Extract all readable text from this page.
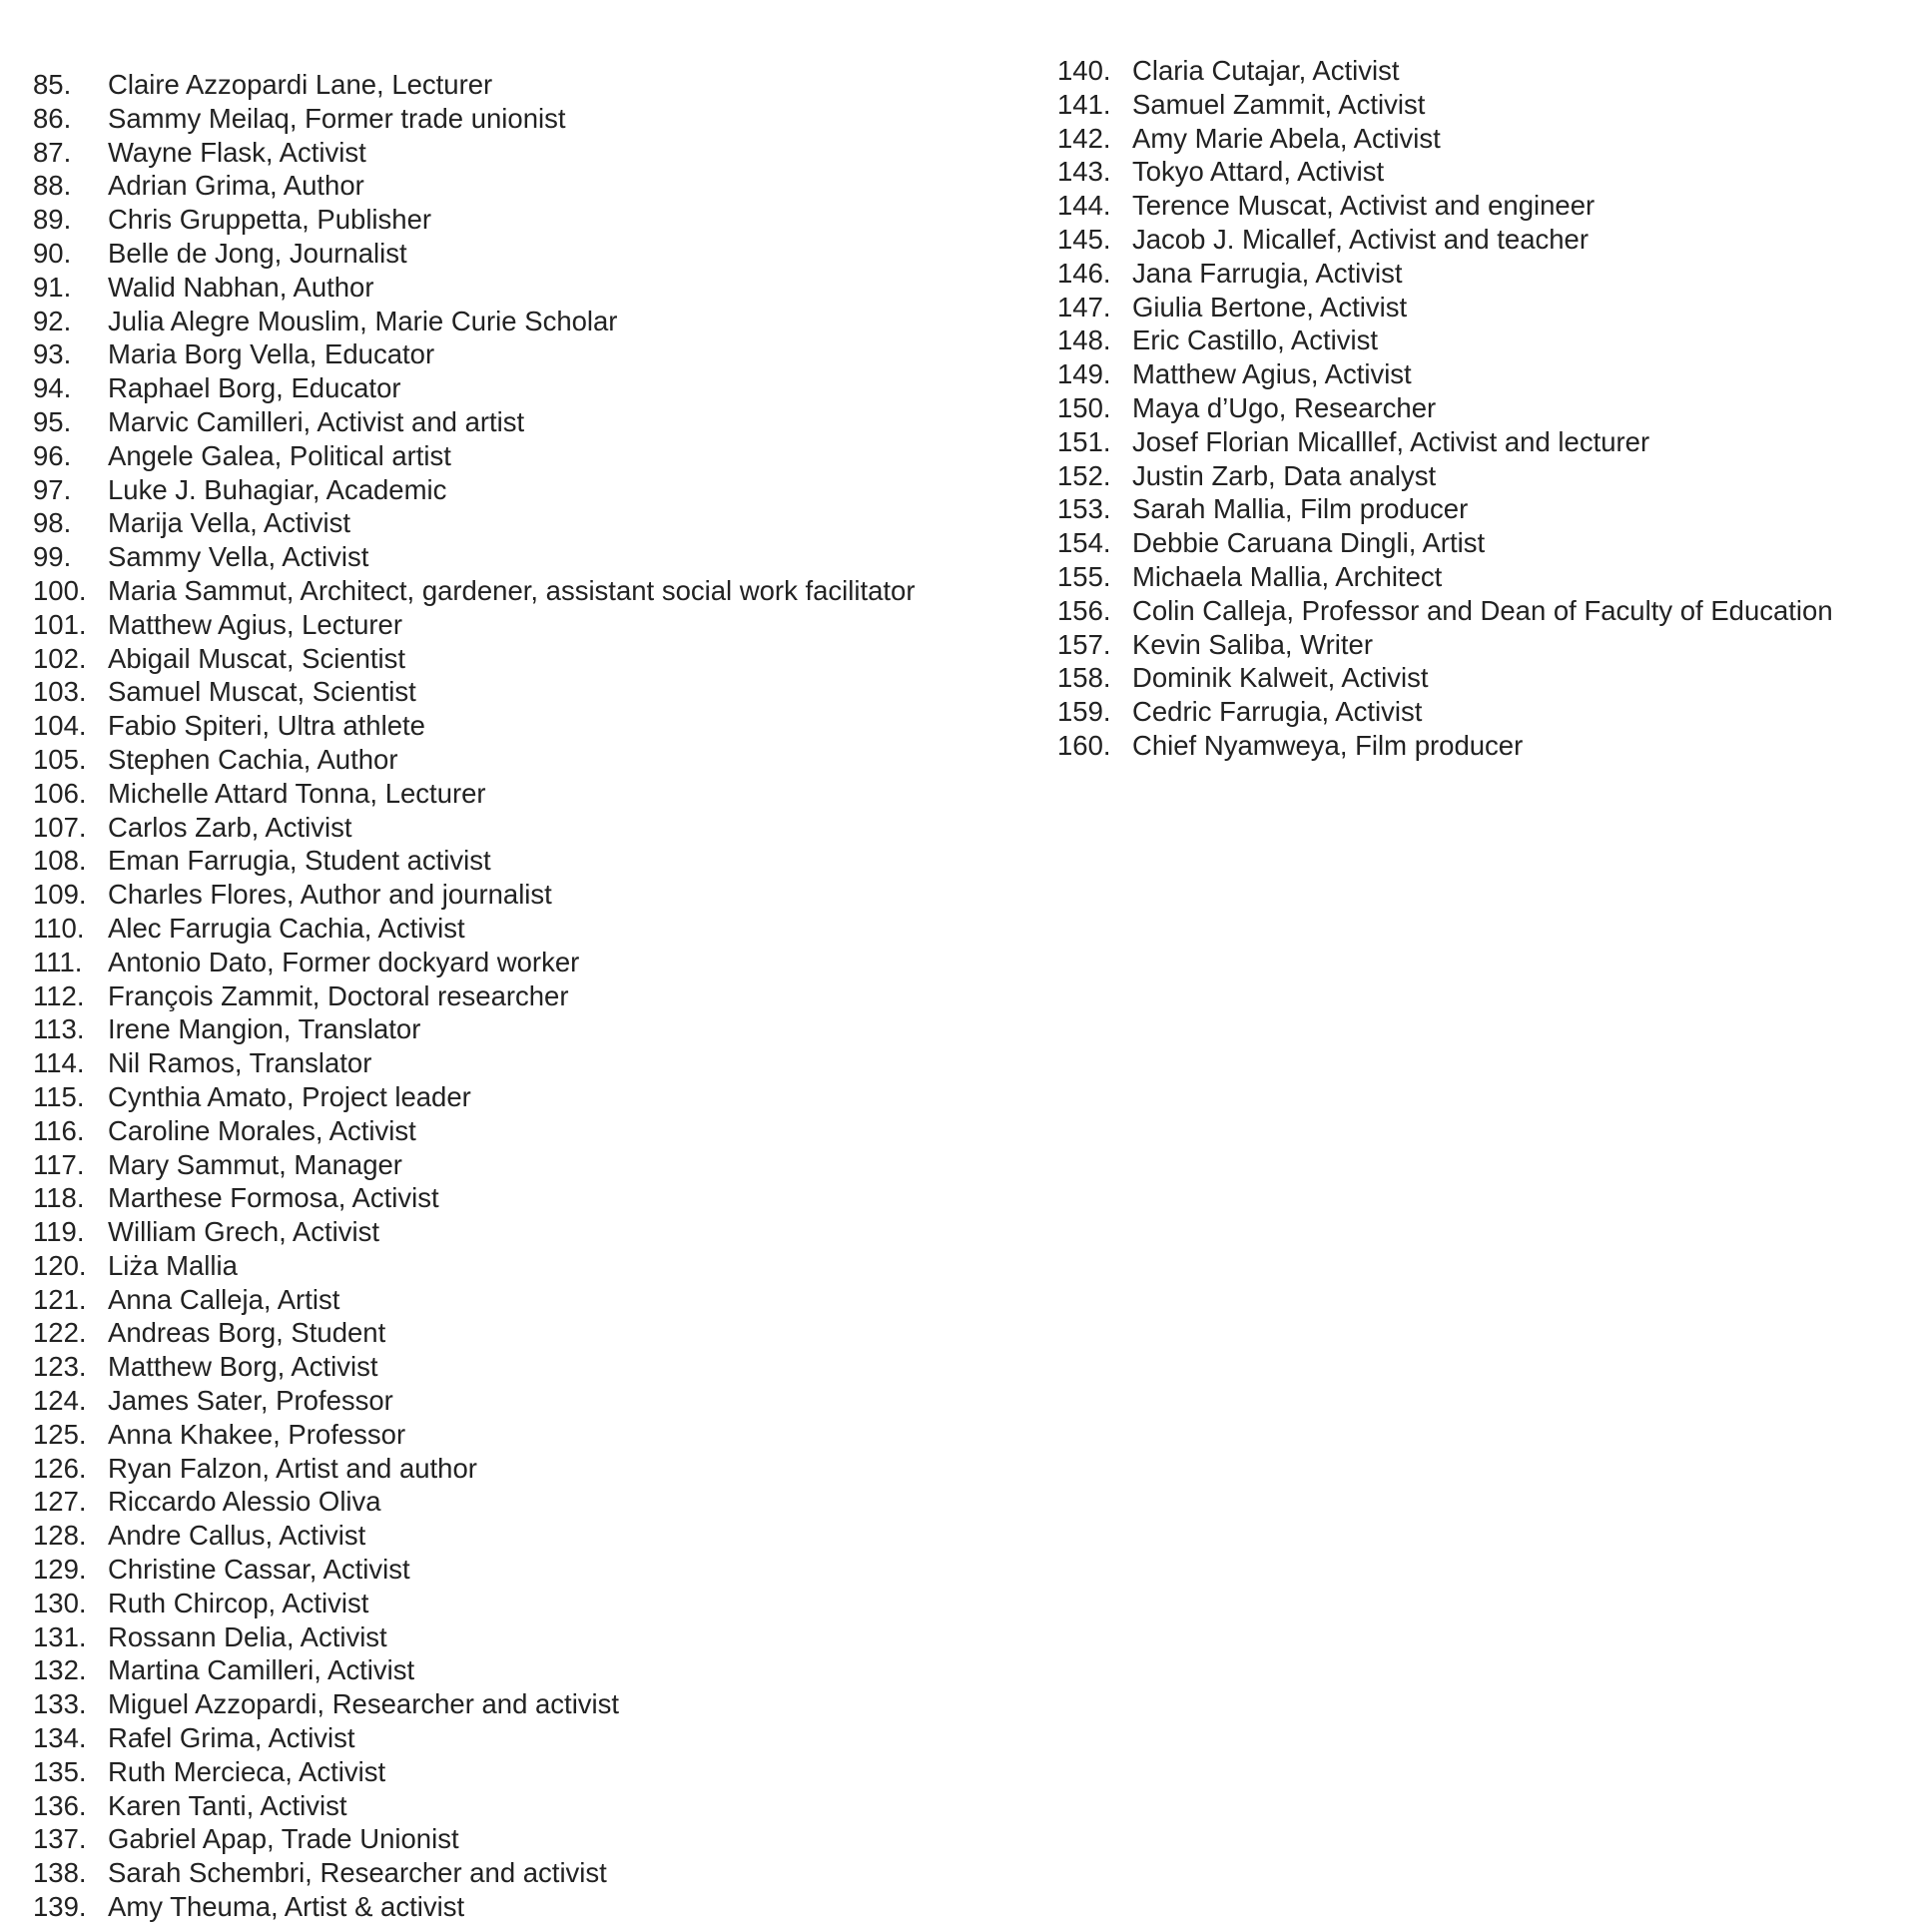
85.	Claire Azzopardi Lane, Lecturer
86.	Sammy Meilaq, Former trade unionist
87.	Wayne Flask, Activist
88.	Adrian Grima, Author
89.	Chris Gruppetta, Publisher
90.	Belle de Jong, Journalist
91.	Walid Nabhan, Author
92.	Julia Alegre Mouslim, Marie Curie Scholar
93.	Maria Borg Vella, Educator
94.	Raphael Borg, Educator
95.	Marvic Camilleri, Activist and artist
96.	Angele Galea, Political artist
97.	Luke J. Buhagiar, Academic
98.	Marija Vella, Activist
99.	Sammy Vella, Activist
100. Maria Sammut, Architect, gardener, assistant social work facilitator
101. Matthew Agius, Lecturer
102. Abigail Muscat, Scientist
103. Samuel Muscat, Scientist
104. Fabio Spiteri, Ultra athlete
105. Stephen Cachia, Author
106. Michelle Attard Tonna, Lecturer
107. Carlos Zarb, Activist
108. Eman Farrugia, Student activist
109. Charles Flores, Author and journalist
110. Alec Farrugia Cachia, Activist
111. Antonio Dato, Former dockyard worker
112. François Zammit, Doctoral researcher
113. Irene Mangion, Translator
114. Nil Ramos, Translator
115. Cynthia Amato, Project leader
116. Caroline Morales, Activist
117. Mary Sammut, Manager
118. Marthese Formosa, Activist
119. William Grech, Activist
120. Liża Mallia
121. Anna Calleja, Artist
122. Andreas Borg, Student
123. Matthew Borg, Activist
124. James Sater, Professor
125. Anna Khakee, Professor
126. Ryan Falzon, Artist and author
127. Riccardo Alessio Oliva
128. Andre Callus, Activist
129. Christine Cassar, Activist
130. Ruth Chircop, Activist
131. Rossann Delia, Activist
132. Martina Camilleri, Activist
133. Miguel Azzopardi, Researcher and activist
134. Rafel Grima, Activist
135. Ruth Mercieca, Activist
136. Karen Tanti, Activist
137. Gabriel Apap, Trade Unionist
138. Sarah Schembri, Researcher and activist
139. Amy Theuma, Artist & activist
140. Claria Cutajar, Activist
141. Samuel Zammit, Activist
142. Amy Marie Abela, Activist
143. Tokyo Attard, Activist
144. Terence Muscat, Activist and engineer
145. Jacob J. Micallef, Activist and teacher
146. Jana Farrugia, Activist
147. Giulia Bertone, Activist
148. Eric Castillo, Activist
149. Matthew Agius, Activist
150. Maya d’Ugo, Researcher
151. Josef Florian Micalllef, Activist and lecturer
152. Justin Zarb, Data analyst
153. Sarah Mallia, Film producer
154. Debbie Caruana Dingli, Artist
155. Michaela Mallia, Architect
156. Colin Calleja, Professor and Dean of Faculty of Education
157. Kevin Saliba, Writer
158. Dominik Kalweit, Activist
159. Cedric Farrugia, Activist
160. Chief Nyamweya, Film producer
